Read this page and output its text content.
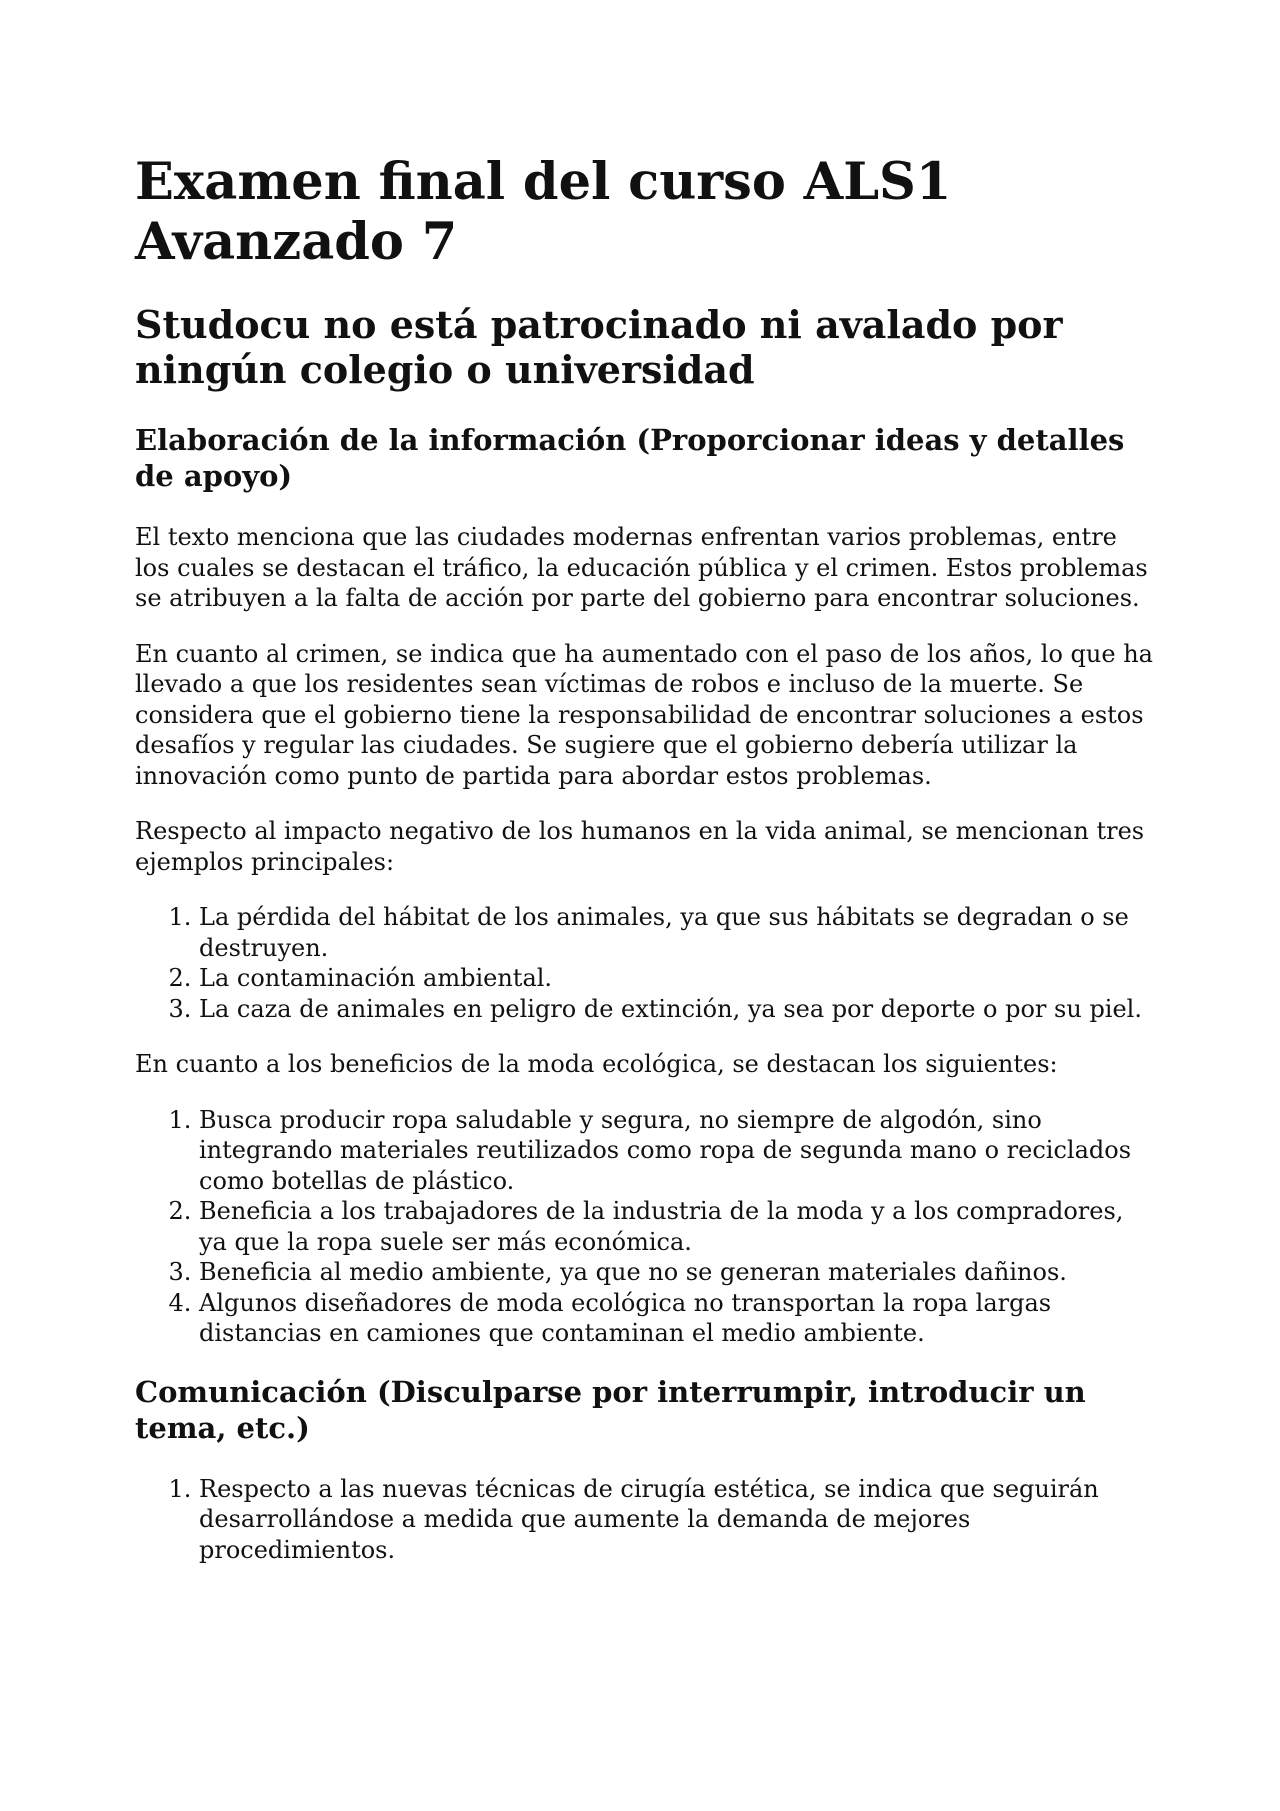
Examen final del curso ALS1 Avanzado 7
Studocu no está patrocinado ni avalado por ningún colegio o universidad
Elaboración de la información (Proporcionar ideas y detalles de apoyo)

El texto menciona que las ciudades modernas enfrentan varios problemas, entre los cuales se destacan el tráfico, la educación pública y el crimen. Estos problemas se atribuyen a la falta de acción por parte del gobierno para encontrar soluciones.

En cuanto al crimen, se indica que ha aumentado con el paso de los años, lo que ha llevado a que los residentes sean víctimas de robos e incluso de la muerte. Se considera que el gobierno tiene la responsabilidad de encontrar soluciones a estos desafíos y regular las ciudades. Se sugiere que el gobierno debería utilizar la innovación como punto de partida para abordar estos problemas.

Respecto al impacto negativo de los humanos en la vida animal, se mencionan tres ejemplos principales:

1. La pérdida del hábitat de los animales, ya que sus hábitats se degradan o se destruyen.
2. La contaminación ambiental.
3. La caza de animales en peligro de extinción, ya sea por deporte o por su piel.

En cuanto a los beneficios de la moda ecológica, se destacan los siguientes:

1. Busca producir ropa saludable y segura, no siempre de algodón, sino integrando materiales reutilizados como ropa de segunda mano o reciclados como botellas de plástico.
2. Beneficia a los trabajadores de la industria de la moda y a los compradores, ya que la ropa suele ser más económica.
3. Beneficia al medio ambiente, ya que no se generan materiales dañinos.
4. Algunos diseñadores de moda ecológica no transportan la ropa largas distancias en camiones que contaminan el medio ambiente.
Comunicación (Disculparse por interrumpir, introducir un tema, etc.)
1. Respecto a las nuevas técnicas de cirugía estética, se indica que seguirán desarrollándose a medida que aumente la demanda de mejores procedimientos.
